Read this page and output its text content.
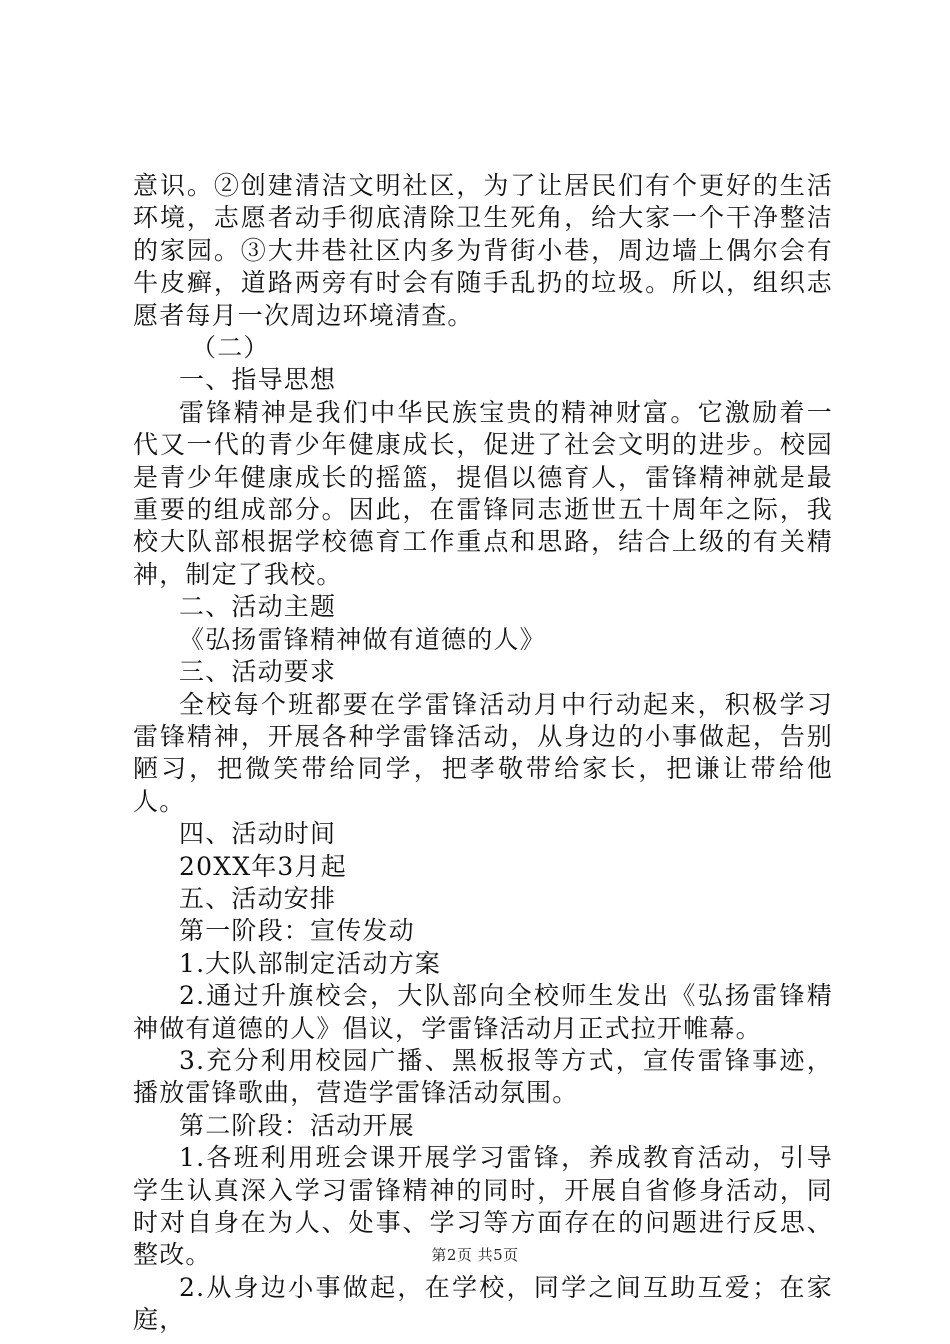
意识。②创建清洁文明社区，为了让居民们有个更好的生活环境，志愿者动手彻底清除卫生死角，给大家一个干净整洁的家园。③大井巷社区内多为背街小巷，周边墙上偶尔会有牛皮癣，道路两旁有时会有随手乱扔的垃圾。所以，组织志愿者每月一次周边环境清查。

（二）

一、指导思想

雷锋精神是我们中华民族宝贵的精神财富。它激励着一代又一代的青少年健康成长，促进了社会文明的进步。校园是青少年健康成长的摇篮，提倡以德育人，雷锋精神就是最重要的组成部分。因此，在雷锋同志逝世五十周年之际，我校大队部根据学校德育工作重点和思路，结合上级的有关精神，制定了我校。

二、活动主题

《弘扬雷锋精神做有道德的人》

三、活动要求

全校每个班都要在学雷锋活动月中行动起来，积极学习雷锋精神，开展各种学雷锋活动，从身边的小事做起，告别陋习，把微笑带给同学，把孝敬带给家长，把谦让带给他人。

四、活动时间

20XX年3月起

五、活动安排

第一阶段：宣传发动

1.大队部制定活动方案

2.通过升旗校会，大队部向全校师生发出《弘扬雷锋精神做有道德的人》倡议，学雷锋活动月正式拉开帷幕。

3.充分利用校园广播、黑板报等方式，宣传雷锋事迹，播放雷锋歌曲，营造学雷锋活动氛围。

第二阶段：活动开展

1.各班利用班会课开展学习雷锋，养成教育活动，引导学生认真深入学习雷锋精神的同时，开展自省修身活动，同时对自身在为人、处事、学习等方面存在的问题进行反思、整改。

2.从身边小事做起，在学校，同学之间互助互爱；在家庭，

第2页 共5页
